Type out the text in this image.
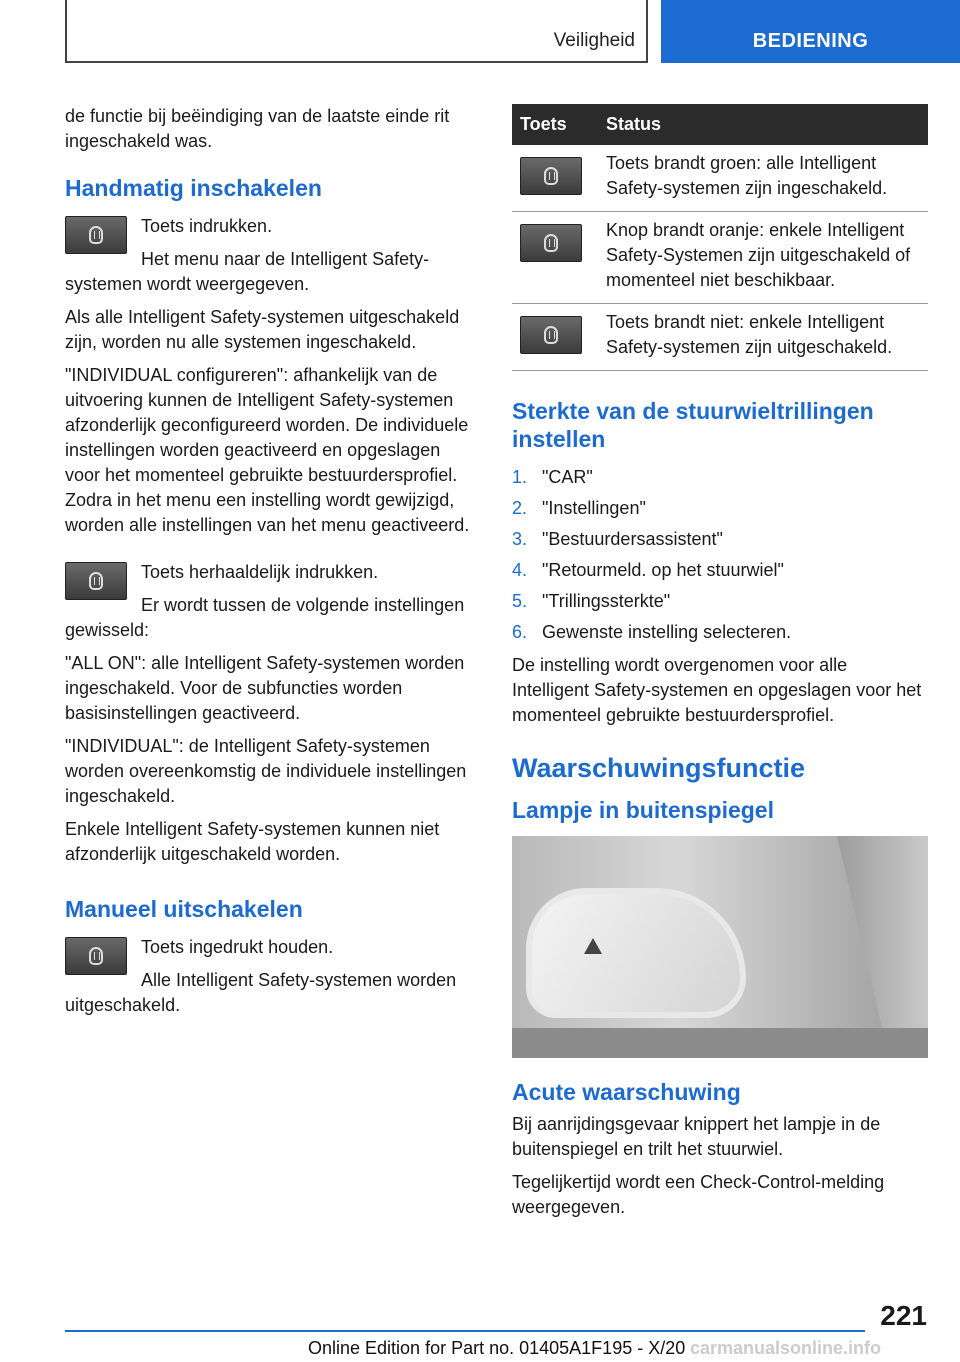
Veiligheid	BEDIENING

de functie bij beëindiging van de laatste einde rit ingeschakeld was.

Handmatig inschakelen

Toets indrukken.

Het menu naar de Intelligent Safety-systemen wordt weergegeven.

Als alle Intelligent Safety-systemen uitgeschakeld zijn, worden nu alle systemen ingeschakeld.

"INDIVIDUAL configureren": afhankelijk van de uitvoering kunnen de Intelligent Safety-systemen afzonderlijk geconfigureerd worden. De individuele instellingen worden geactiveerd en opgeslagen voor het momenteel gebruikte bestuurdersprofiel. Zodra in het menu een instelling wordt gewijzigd, worden alle instellingen van het menu geactiveerd.

Toets herhaaldelijk indrukken.

Er wordt tussen de volgende instellingen gewisseld:

"ALL ON": alle Intelligent Safety-systemen worden ingeschakeld. Voor de subfuncties worden basisinstellingen geactiveerd.

"INDIVIDUAL": de Intelligent Safety-systemen worden overeenkomstig de individuele instellingen ingeschakeld.

Enkele Intelligent Safety-systemen kunnen niet afzonderlijk uitgeschakeld worden.

Manueel uitschakelen

Toets ingedrukt houden.

Alle Intelligent Safety-systemen worden uitgeschakeld.

Toets	Status

	Toets brandt groen: alle Intelligent Safety-systemen zijn ingeschakeld.

	Knop brandt oranje: enkele Intelligent Safety-Systemen zijn uitgeschakeld of momenteel niet beschikbaar.

	Toets brandt niet: enkele Intelligent Safety-systemen zijn uitgeschakeld.
Sterkte van de stuurwieltrillingen instellen
1. "CAR"
2. "Instellingen"
3. "Bestuurdersassistent"
4. "Retourmeld. op het stuurwiel"
5. "Trillingssterkte"
6. Gewenste instelling selecteren.

De instelling wordt overgenomen voor alle Intelligent Safety-systemen en opgeslagen voor het momenteel gebruikte bestuurdersprofiel.

Waarschuwingsfunctie
Lampje in buitenspiegel
Acute waarschuwing

Bij aanrijdingsgevaar knippert het lampje in de buitenspiegel en trilt het stuurwiel.

Tegelijkertijd wordt een Check-Control-melding weergegeven.

221
Online Edition for Part no. 01405A1F195 - X/20 carmanualsonline.info
